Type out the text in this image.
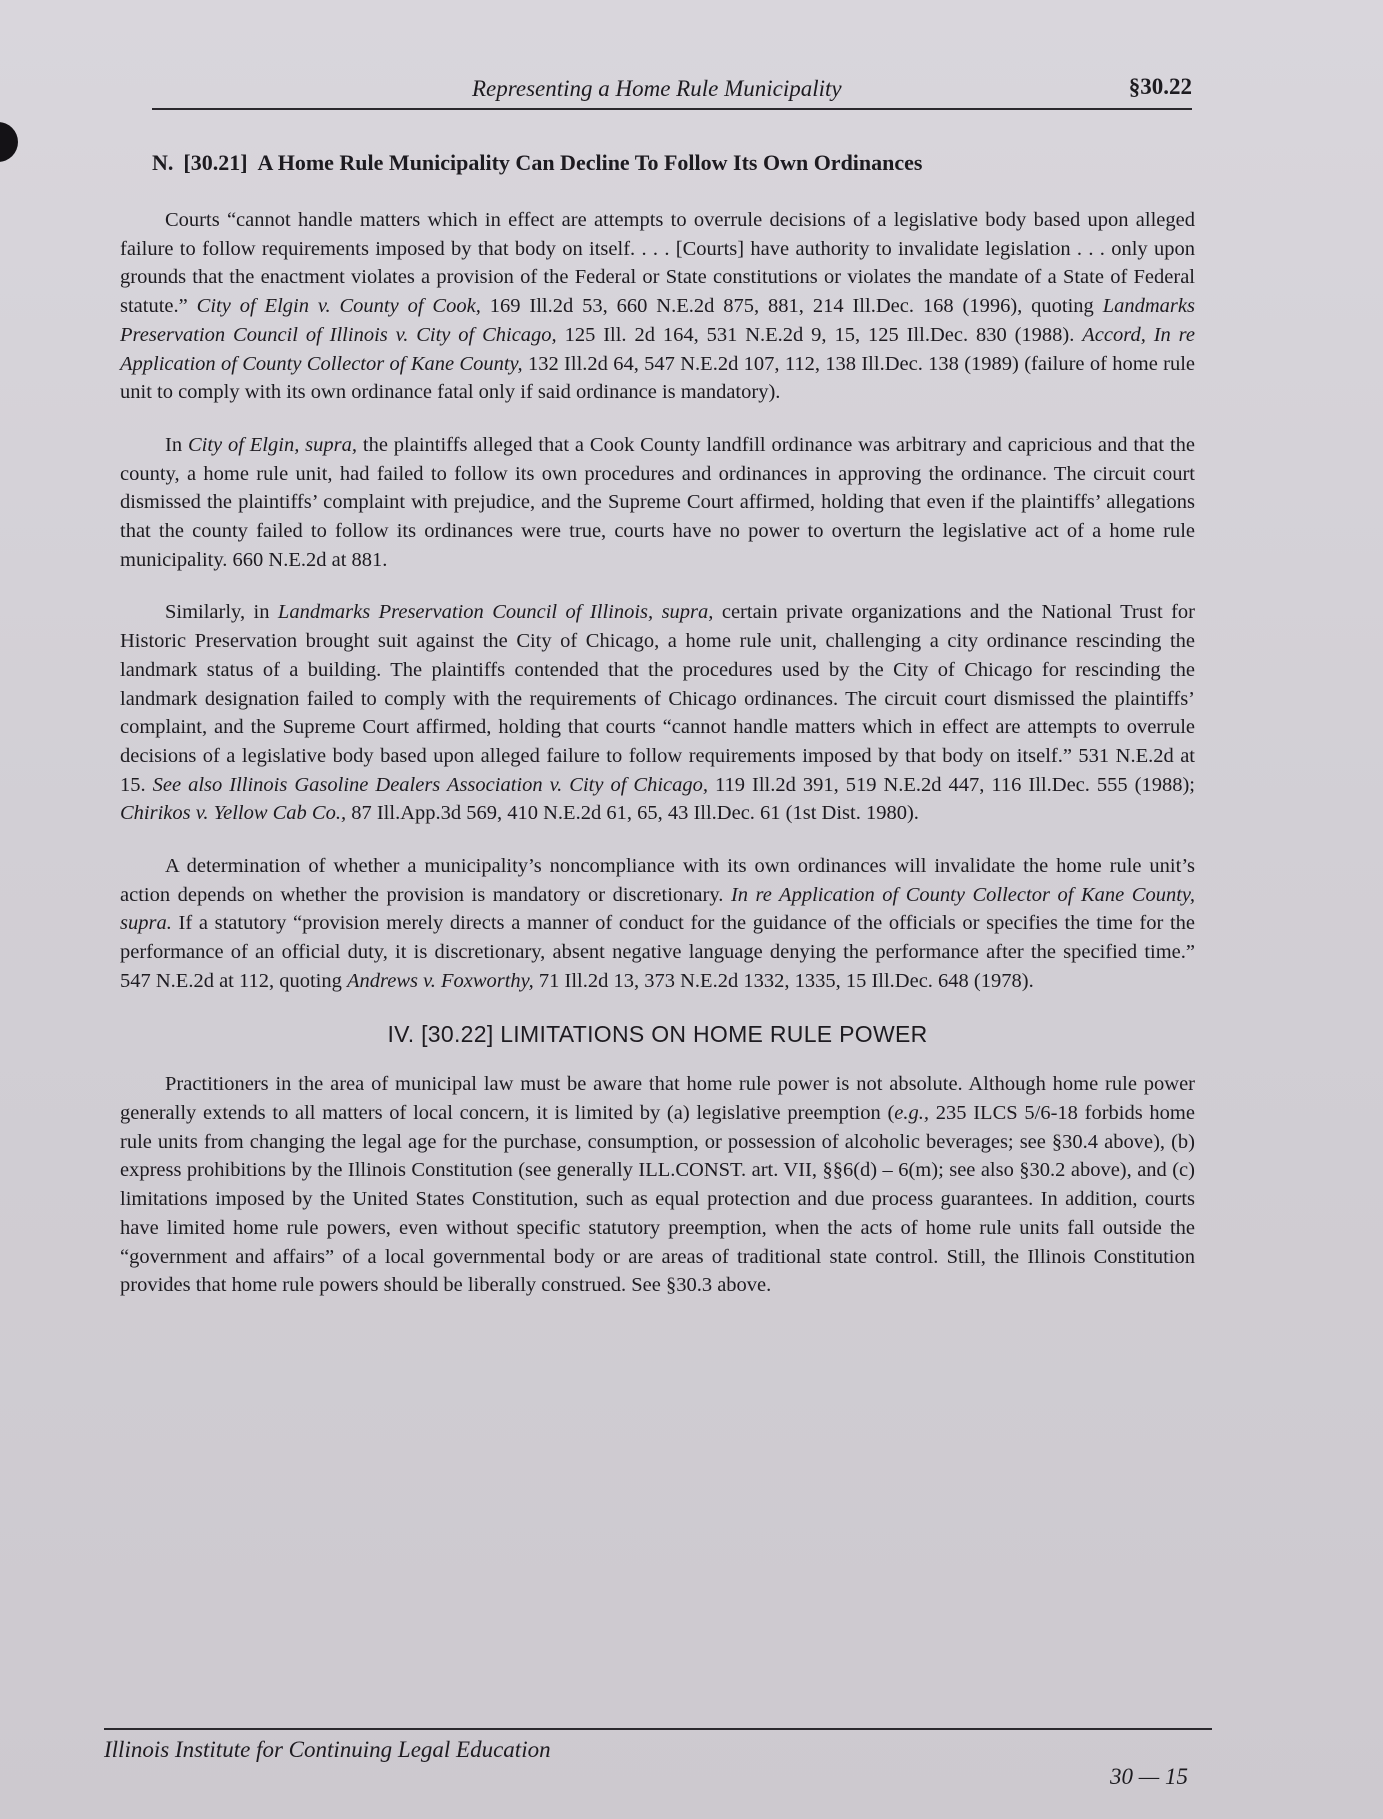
Representing a Home Rule Municipality	§30.22
N. [30.21] A Home Rule Municipality Can Decline To Follow Its Own Ordinances

Courts “cannot handle matters which in effect are attempts to overrule decisions of a legislative body based upon alleged failure to follow requirements imposed by that body on itself. . . . [Courts] have authority to invalidate legislation . . . only upon grounds that the enactment violates a provision of the Federal or State constitutions or violates the mandate of a State of Federal statute.” City of Elgin v. County of Cook, 169 Ill.2d 53, 660 N.E.2d 875, 881, 214 Ill.Dec. 168 (1996), quoting Landmarks Preservation Council of Illinois v. City of Chicago, 125 Ill. 2d 164, 531 N.E.2d 9, 15, 125 Ill.Dec. 830 (1988). Accord, In re Application of County Collector of Kane County, 132 Ill.2d 64, 547 N.E.2d 107, 112, 138 Ill.Dec. 138 (1989) (failure of home rule unit to comply with its own ordinance fatal only if said ordinance is mandatory).

In City of Elgin, supra, the plaintiffs alleged that a Cook County landfill ordinance was arbitrary and capricious and that the county, a home rule unit, had failed to follow its own procedures and ordinances in approving the ordinance. The circuit court dismissed the plaintiffs’ complaint with prejudice, and the Supreme Court affirmed, holding that even if the plaintiffs’ allegations that the county failed to follow its ordinances were true, courts have no power to overturn the legislative act of a home rule municipality. 660 N.E.2d at 881.

Similarly, in Landmarks Preservation Council of Illinois, supra, certain private organizations and the National Trust for Historic Preservation brought suit against the City of Chicago, a home rule unit, challenging a city ordinance rescinding the landmark status of a building. The plaintiffs contended that the procedures used by the City of Chicago for rescinding the landmark designation failed to comply with the requirements of Chicago ordinances. The circuit court dismissed the plaintiffs’ complaint, and the Supreme Court affirmed, holding that courts “cannot handle matters which in effect are attempts to overrule decisions of a legislative body based upon alleged failure to follow requirements imposed by that body on itself.” 531 N.E.2d at 15. See also Illinois Gasoline Dealers Association v. City of Chicago, 119 Ill.2d 391, 519 N.E.2d 447, 116 Ill.Dec. 555 (1988); Chirikos v. Yellow Cab Co., 87 Ill.App.3d 569, 410 N.E.2d 61, 65, 43 Ill.Dec. 61 (1st Dist. 1980).

A determination of whether a municipality’s noncompliance with its own ordinances will invalidate the home rule unit’s action depends on whether the provision is mandatory or discretionary. In re Application of County Collector of Kane County, supra. If a statutory “provision merely directs a manner of conduct for the guidance of the officials or specifies the time for the performance of an official duty, it is discretionary, absent negative language denying the performance after the specified time.” 547 N.E.2d at 112, quoting Andrews v. Foxworthy, 71 Ill.2d 13, 373 N.E.2d 1332, 1335, 15 Ill.Dec. 648 (1978).

IV. [30.22] LIMITATIONS ON HOME RULE POWER

Practitioners in the area of municipal law must be aware that home rule power is not absolute. Although home rule power generally extends to all matters of local concern, it is limited by (a) legislative preemption (e.g., 235 ILCS 5/6-18 forbids home rule units from changing the legal age for the purchase, consumption, or possession of alcoholic beverages; see §30.4 above), (b) express prohibitions by the Illinois Constitution (see generally ILL.CONST. art. VII, §§6(d) – 6(m); see also §30.2 above), and (c) limitations imposed by the United States Constitution, such as equal protection and due process guarantees. In addition, courts have limited home rule powers, even without specific statutory preemption, when the acts of home rule units fall outside the “government and affairs” of a local governmental body or are areas of traditional state control. Still, the Illinois Constitution provides that home rule powers should be liberally construed. See §30.3 above.

Illinois Institute for Continuing Legal Education
30 — 15
